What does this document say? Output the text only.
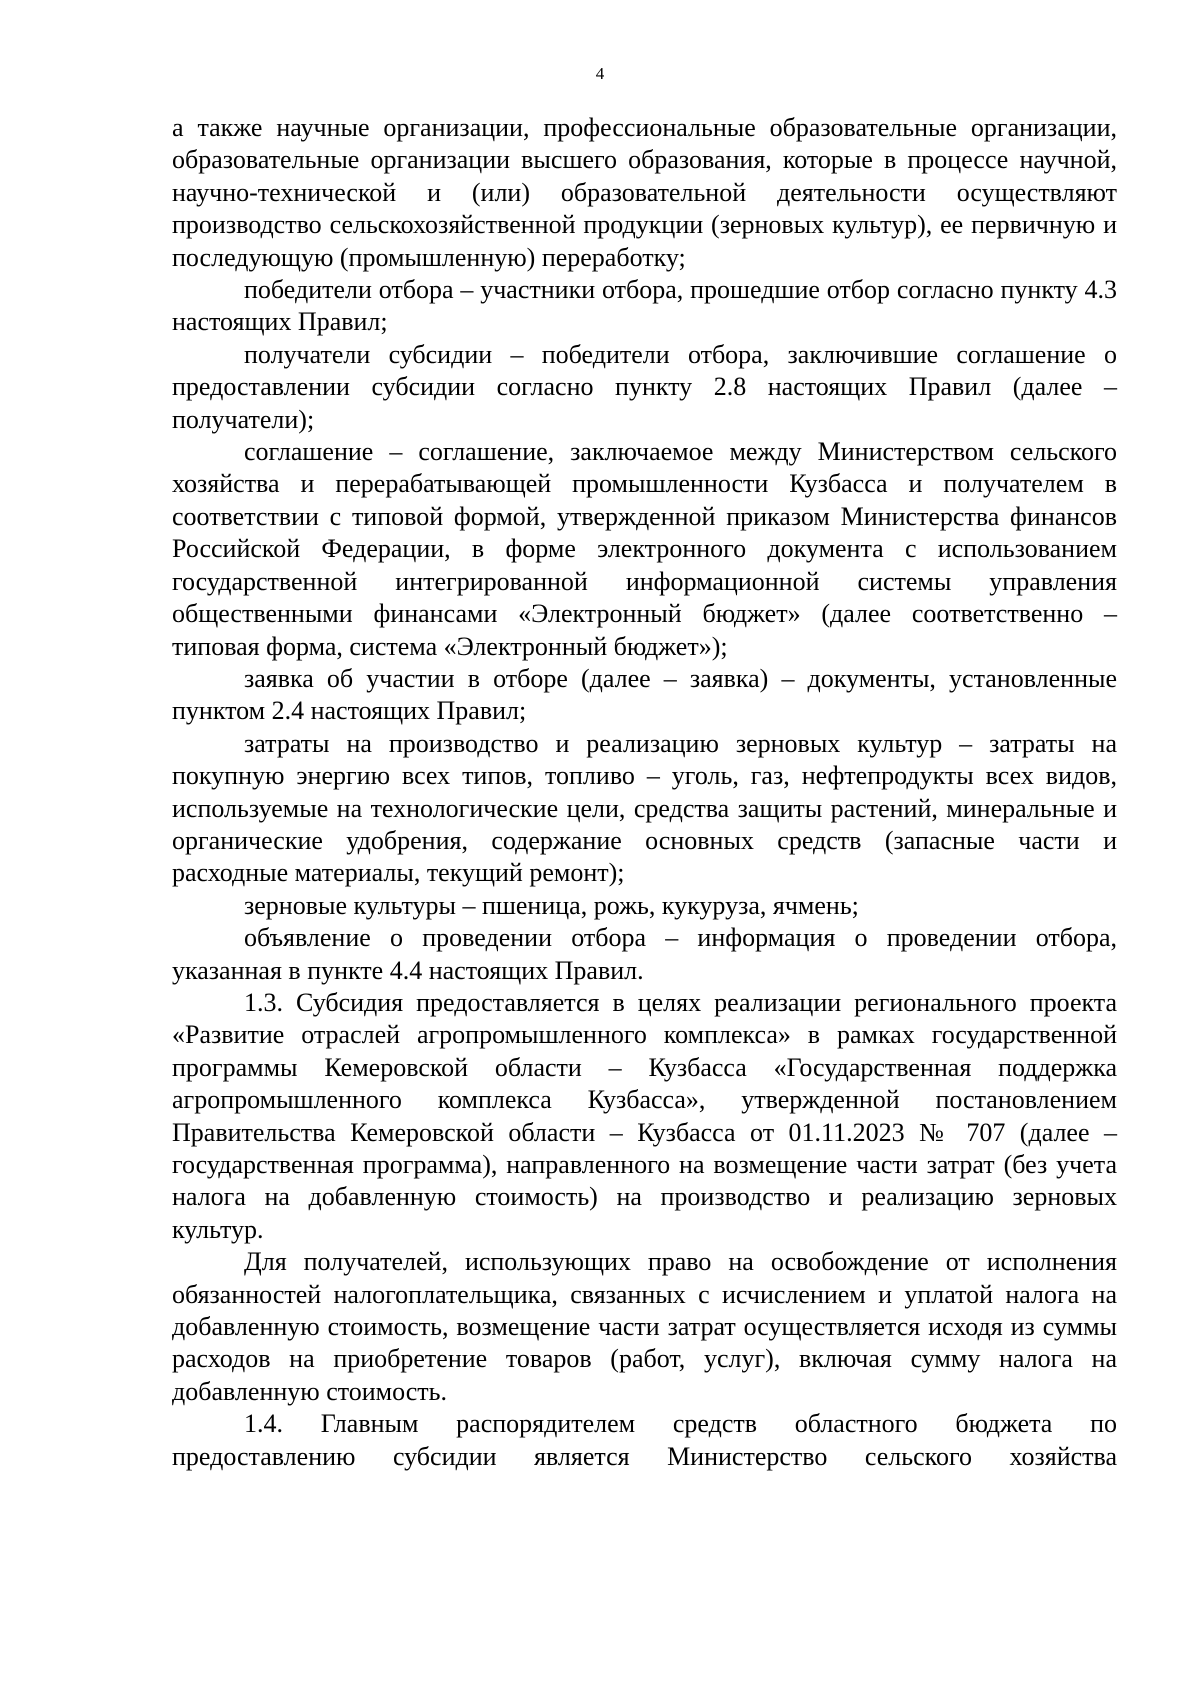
4

а также научные организации, профессиональные образовательные организации, образовательные организации высшего образования, которые в процессе научной, научно-технической и (или) образовательной деятельности осуществляют производство сельскохозяйственной продукции (зерновых культур), ее первичную и последующую (промышленную) переработку;

победители отбора – участники отбора, прошедшие отбор согласно пункту 4.3 настоящих Правил;

получатели субсидии – победители отбора, заключившие соглашение о предоставлении субсидии согласно пункту 2.8 настоящих Правил (далее – получатели);

соглашение – соглашение, заключаемое между Министерством сельского хозяйства и перерабатывающей промышленности Кузбасса и получателем в соответствии с типовой формой, утвержденной приказом Министерства финансов Российской Федерации, в форме электронного документа с использованием государственной интегрированной информационной системы управления общественными финансами «Электронный бюджет» (далее соответственно – типовая форма, система «Электронный бюджет»);

заявка об участии в отборе (далее – заявка) – документы, установленные пунктом 2.4 настоящих Правил;

затраты на производство и реализацию зерновых культур – затраты на покупную энергию всех типов, топливо – уголь, газ, нефтепродукты всех видов, используемые на технологические цели, средства защиты растений, минеральные и органические удобрения, содержание основных средств (запасные части и расходные материалы, текущий ремонт);

зерновые культуры – пшеница, рожь, кукуруза, ячмень;

объявление о проведении отбора – информация о проведении отбора, указанная в пункте 4.4 настоящих Правил.

1.3. Субсидия предоставляется в целях реализации регионального проекта «Развитие отраслей агропромышленного комплекса» в рамках государственной программы Кемеровской области – Кузбасса «Государственная поддержка агропромышленного комплекса Кузбасса», утвержденной постановлением Правительства Кемеровской области – Кузбасса от 01.11.2023 № 707 (далее – государственная программа), направленного на возмещение части затрат (без учета налога на добавленную стоимость) на производство и реализацию зерновых культур.

Для получателей, использующих право на освобождение от исполнения обязанностей налогоплательщика, связанных с исчислением и уплатой налога на добавленную стоимость, возмещение части затрат осуществляется исходя из суммы расходов на приобретение товаров (работ, услуг), включая сумму налога на добавленную стоимость.

1.4. Главным распорядителем средств областного бюджета по предоставлению субсидии является Министерство сельского хозяйства
